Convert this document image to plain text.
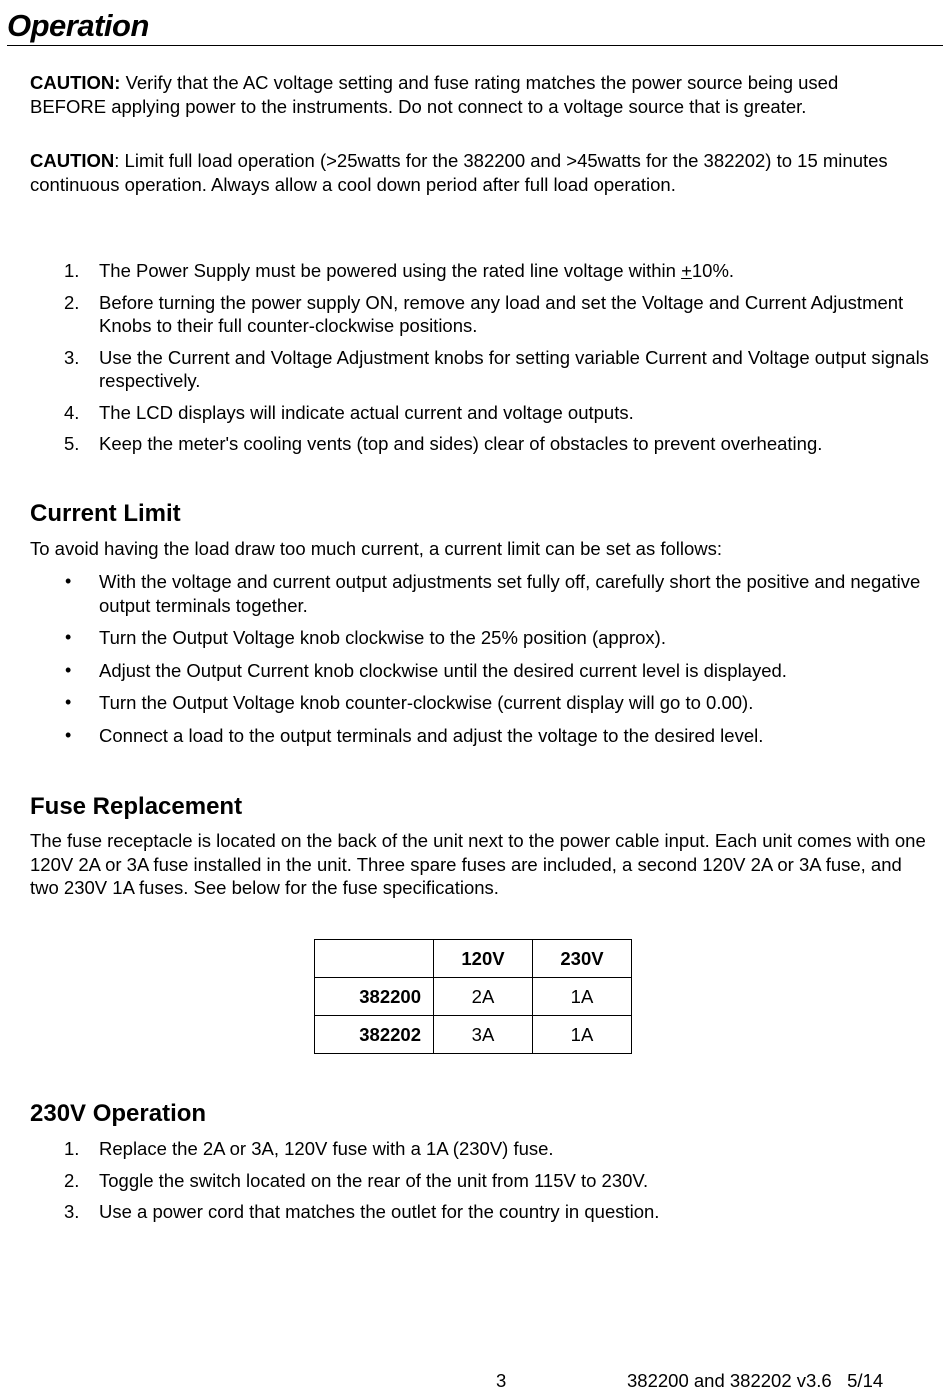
Operation

CAUTION: Verify that the AC voltage setting and fuse rating matches the power source being used BEFORE applying power to the instruments. Do not connect to a voltage source that is greater.

CAUTION: Limit full load operation (>25watts for the 382200 and >45watts for the 382202) to 15 minutes continuous operation. Always allow a cool down period after full load operation.

1. The Power Supply must be powered using the rated line voltage within +10%.
2. Before turning the power supply ON, remove any load and set the Voltage and Current Adjustment Knobs to their full counter-clockwise positions.
3. Use the Current and Voltage Adjustment knobs for setting variable Current and Voltage output signals respectively.
4. The LCD displays will indicate actual current and voltage outputs.
5. Keep the meter's cooling vents (top and sides) clear of obstacles to prevent overheating.
Current Limit

To avoid having the load draw too much current, a current limit can be set as follows:

• With the voltage and current output adjustments set fully off, carefully short the positive and negative output terminals together.
• Turn the Output Voltage knob clockwise to the 25% position (approx).
• Adjust the Output Current knob clockwise until the desired current level is displayed.
• Turn the Output Voltage knob counter-clockwise (current display will go to 0.00).
• Connect a load to the output terminals and adjust the voltage to the desired level.
Fuse Replacement

The fuse receptacle is located on the back of the unit next to the power cable input. Each unit comes with one 120V 2A or 3A fuse installed in the unit. Three spare fuses are included, a second 120V 2A or 3A fuse, and two 230V 1A fuses. See below for the fuse specifications.

	120V	230V
382200	2A	1A
382202	3A	1A
230V Operation
1. Replace the 2A or 3A, 120V fuse with a 1A (230V) fuse.
2. Toggle the switch located on the rear of the unit from 115V to 230V.
3. Use a power cord that matches the outlet for the country in question.
3	382200 and 382202 v3.6   5/14
